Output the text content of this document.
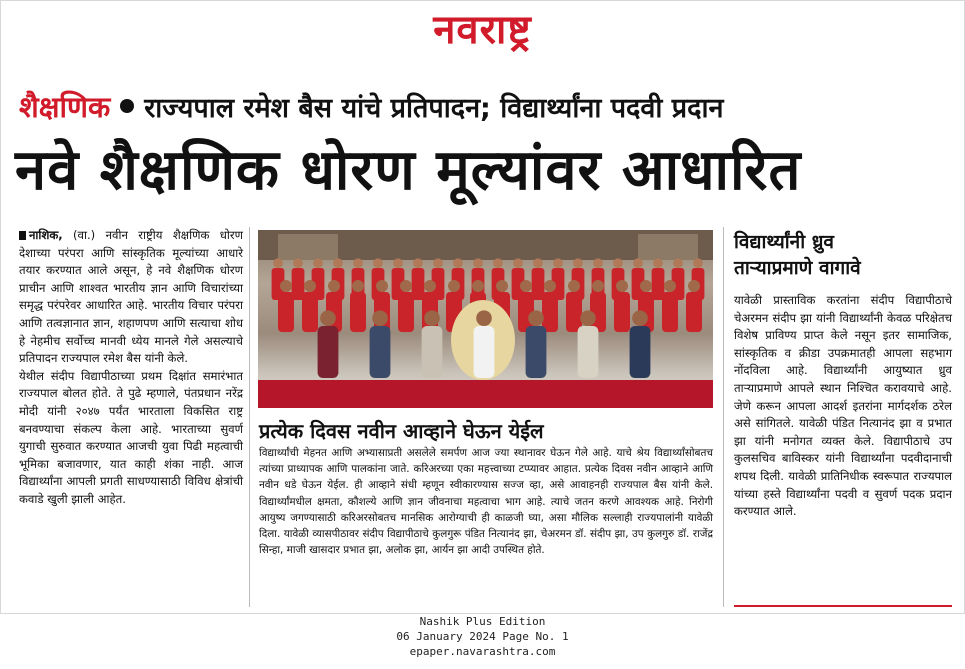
नवराष्ट्र
शैक्षणिक राज्यपाल रमेश बैस यांचे प्रतिपादन; विद्यार्थ्यांना पदवी प्रदान
नवे शैक्षणिक धोरण मूल्यांवर आधारित

नाशिक, (वा.) नवीन राष्ट्रीय शैक्षणिक धोरण देशाच्या परंपरा आणि सांस्कृतिक मूल्यांच्या आधारे तयार करण्यात आले असून, हे नवे शैक्षणिक धोरण प्राचीन आणि शाश्वत भारतीय ज्ञान आणि विचारांच्या समृद्ध परंपरेवर आधारित आहे. भारतीय विचार परंपरा आणि तत्वज्ञानात ज्ञान, शहाणपण आणि सत्याचा शोध हे नेहमीच सर्वोच्च मानवी ध्येय मानले गेले असल्याचे प्रतिपादन राज्यपाल रमेश बैस यांनी केले.

येथील संदीप विद्यापीठाच्या प्रथम दिक्षांत समारंभात राज्यपाल बोलत होते. ते पुढे म्हणाले, पंतप्रधान नरेंद्र मोदी यांनी २०४७ पर्यंत भारताला विकसित राष्ट्र बनवण्याचा संकल्प केला आहे. भारताच्या सुवर्ण युगाची सुरुवात करण्यात आजची युवा पिढी महत्वाची भूमिका बजावणार, यात काही शंका नाही. आज विद्यार्थ्यांना आपली प्रगती साधण्यासाठी विविध क्षेत्रांची कवाडे खुली झाली आहेत.

प्रत्येक दिवस नवीन आव्हाने घेऊन येईल

विद्यार्थ्यांची मेहनत आणि अभ्यासाप्रती असलेले समर्पण आज ज्या स्थानावर घेऊन गेले आहे. याचे श्रेय विद्यार्थ्यांसोबतच त्यांच्या प्राध्यापक आणि पालकांना जाते. करिअरच्या एका महत्त्वाच्या टप्प्यावर आहात. प्रत्येक दिवस नवीन आव्हाने आणि नवीन धडे घेऊन येईल. ही आव्हाने संधी म्हणून स्वीकारण्यास सज्ज व्हा, असे आवाहनही राज्यपाल बैस यांनी केले. विद्यार्थ्यांमधील क्षमता, कौशल्ये आणि ज्ञान जीवनाचा महत्वाचा भाग आहे. त्याचे जतन करणे आवश्यक आहे. निरोगी आयुष्य जगण्यासाठी करिअरसोबतच मानसिक आरोग्याची ही काळजी घ्या, असा मौलिक सल्लाही राज्यपालांनी यावेळी दिला. यावेळी व्यासपीठावर संदीप विद्यापीठाचे कुलगुरू पंडित नित्यानंद झा, चेअरमन डॉ. संदीप झा, उप कुलगुरु डॉ. राजेंद्र सिन्हा, माजी खासदार प्रभात झा, अलोक झा, आर्यन झा आदी उपस्थित होते.

विद्यार्थ्यांनी ध्रुव
ताऱ्याप्रमाणे वागावे

यावेळी प्रास्ताविक करतांना संदीप विद्यापीठाचे चेअरमन संदीप झा यांनी विद्यार्थ्यांनी केवळ परिक्षेतच विशेष प्राविण्य प्राप्त केले नसून इतर सामाजिक, सांस्कृतिक व क्रीडा उपक्रमातही आपला सहभाग नोंदविला आहे. विद्यार्थ्यांनी आयुष्यात ध्रुव ताऱ्याप्रमाणे आपले स्थान निश्चित करावयाचे आहे. जेणे करून आपला आदर्श इतरांना मार्गदर्शक ठरेल असे सांगितले. यावेळी पंडित नित्यानंद झा व प्रभात झा यांनी मनोगत व्यक्त केले. विद्यापीठाचे उप कुलसचिव बाविस्कर यांनी विद्यार्थ्यांना पदवीदानाची शपथ दिली. यावेळी प्रातिनिधीक स्वरूपात राज्यपाल यांच्या हस्ते विद्यार्थ्यांना पदवी व सुवर्ण पदक प्रदान करण्यात आले.

Nashik Plus Edition
06 January 2024 Page No. 1
epaper.navarashtra.com
